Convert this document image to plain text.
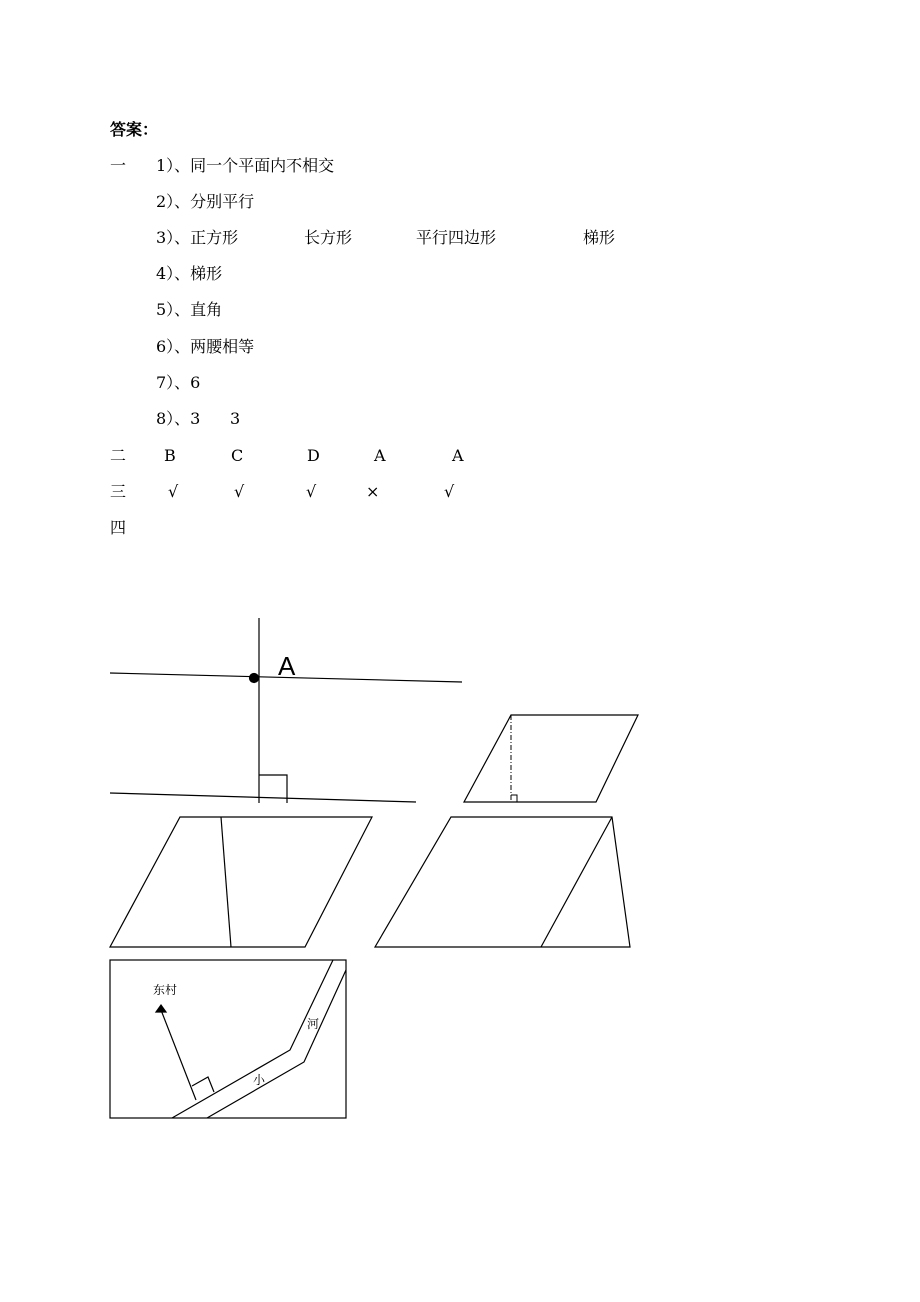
答案：
一 1）、同一个平面内不相交
2）、分别平行
3）、正方形	长方形	平行四边形	梯形
4）、梯形
5）、直角
6）、两腰相等
7）、6
8）、3 3
二 B	C	D	A	A
三	√	√	√	×	√
四
A
东村
河
小
